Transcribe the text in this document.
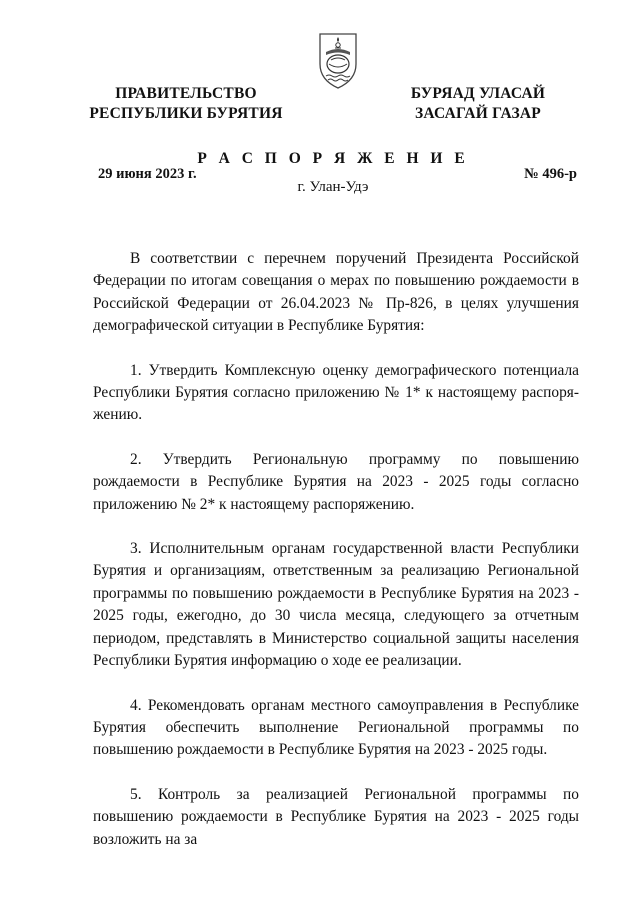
ПРАВИТЕЛЬСТВО
РЕСПУБЛИКИ БУРЯТИЯ
БУРЯАД УЛАСАЙ
ЗАСАГАЙ ГАЗАР
Р А С П О Р Я Ж Е Н И Е
29 июня 2023 г.	№ 496-р
г. Улан-Удэ

В соответствии с перечнем поручений Президента Российской Федерации по итогам совещания о мерах по повышению рождаемости в Российской Федерации от 26.04.2023 № Пр-826, в целях улучшения демографической ситуации в Республике Бурятия:

1. Утвердить Комплексную оценку демографического потенциала Республики Бурятия согласно приложению № 1* к настоящему распоряжению.

2. Утвердить Региональную программу по повышению рождаемости в Республике Бурятия на 2023 - 2025 годы согласно приложению № 2* к настоящему распоряжению.

3. Исполнительным органам государственной власти Республики Бурятия и организациям, ответственным за реализацию Региональной программы по повышению рождаемости в Республике Бурятия на 2023 - 2025 годы, ежегодно, до 30 числа месяца, следующего за отчетным периодом, представлять в Министерство социальной защиты населения Республики Бурятия информацию о ходе ее реализации.

4. Рекомендовать органам местного самоуправления в Республике Бурятия обеспечить выполнение Региональной программы по повышению рождаемости в Республике Бурятия на 2023 - 2025 годы.

5. Контроль за реализацией Региональной программы по повышению рождаемости в Республике Бурятия на 2023 - 2025 годы возложить на за
